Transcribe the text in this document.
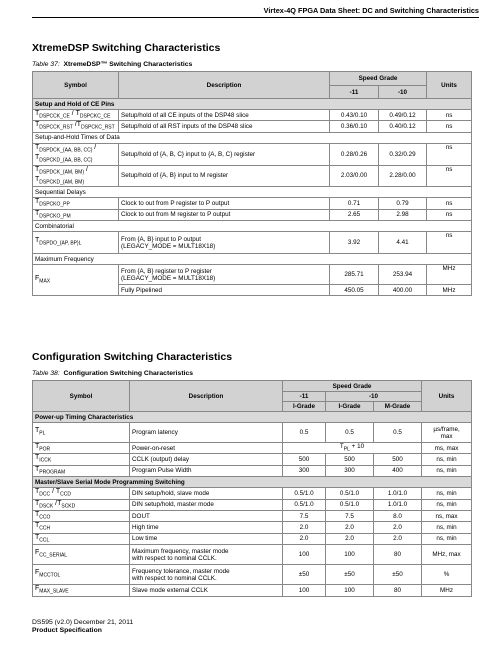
Virtex-4Q FPGA Data Sheet: DC and Switching Characteristics
XtremeDSP Switching Characteristics
Table 37: XtremeDSP™ Switching Characteristics
Symbol	Description	Speed Grade		Units
		-11	-10	
Setup and Hold of CE Pins				
$T_{DSPCCK\_CE} / T_{DSPCKC\_CE}$	Setup/hold of all CE inputs of the DSP48 slice	0.43/0.10	0.49/0.12	ns
$T_{DSPCCK\_RST}$ $/T_{DSPCKC\_RST}$	Setup/hold of all RST inputs of the DSP48 slice	0.36/0.10	0.40/0.12	ns
Setup-and-Hold Times of Data				
$T_{DSPDCK\_\{AA, BB, CC\}}$ /
$T_{DSPCKD\_\{AA, BB, CC\}}$	Setup/hold of {A, B, C} input to {A, B, C} register	0.28/0.26	0.32/0.29	ns
$T_{DSPDCK\_\{AM, BM\}}$ /
$T_{DSPCKD\_\{AM, BM\}}$	Setup/hold of {A, B} input to M register	2.03/0.00	2.28/0.00	ns
Sequential Delays				
$T_{DSPCKO\_PP}$	Clock to out from P register to P output	0.71	0.79	ns
$T_{DSPCKO\_PM}$	Clock to out from M register to P output	2.65	2.98	ns
Combinatorial				
$T_{DSPDO\_\{AP, BP\}L}$	From {A, B} input to P output
(LEGACY_MODE = MULT18X18)	3.92	4.41	ns
Maximum Frequency				
$F_{MAX}$	From {A, B} register to P register
(LEGACY_MODE = MULT18X18)	285.71	253.94	MHz
	Fully Pipelined	450.05	400.00	MHz
Configuration Switching Characteristics
Table 38: Configuration Switching Characteristics
Symbol	Description	Speed Grade			Units
		-11	-10		
		I-Grade	I-Grade	M-Grade	
Power-up Timing Characteristics					
$T_{PL}$	Program latency	0.5	0.5	0.5	µs/frame,
max
$T_{POR}$	Power-on-reset	$T_{PL} + 10$			ms, max
$T_{ICCK}$	CCLK (output) delay	500	500	500	ns, min
$T_{PROGRAM}$	Program Pulse Width	300	300	400	ns, min
Master/Slave Serial Mode Programming Switching					
$T_{DCC} / T_{CCD}$	DIN setup/hold, slave mode	0.5/1.0	0.5/1.0	1.0/1.0	ns, min
$T_{DSCK}$ $/T_{SCKD}$	DIN setup/hold, master mode	0.5/1.0	0.5/1.0	1.0/1.0	ns, min
$T_{CCO}$	DOUT	7.5	7.5	8.0	ns, max
$T_{CCH}$	High time	2.0	2.0	2.0	ns, min
$T_{CCL}$	Low time	2.0	2.0	2.0	ns, min
$F_{CC\_SERIAL}$	Maximum frequency, master mode
with respect to nominal CCLK.	100	100	80	MHz, max
$F_{MCCTOL}$	Frequency tolerance, master mode
with respect to nominal CCLK.	±50	±50	±50	%
$F_{MAX\_SLAVE}$	Slave mode external CCLK	100	100	80	MHz
DS595 (v2.0) December 21, 2011
Product Specification
